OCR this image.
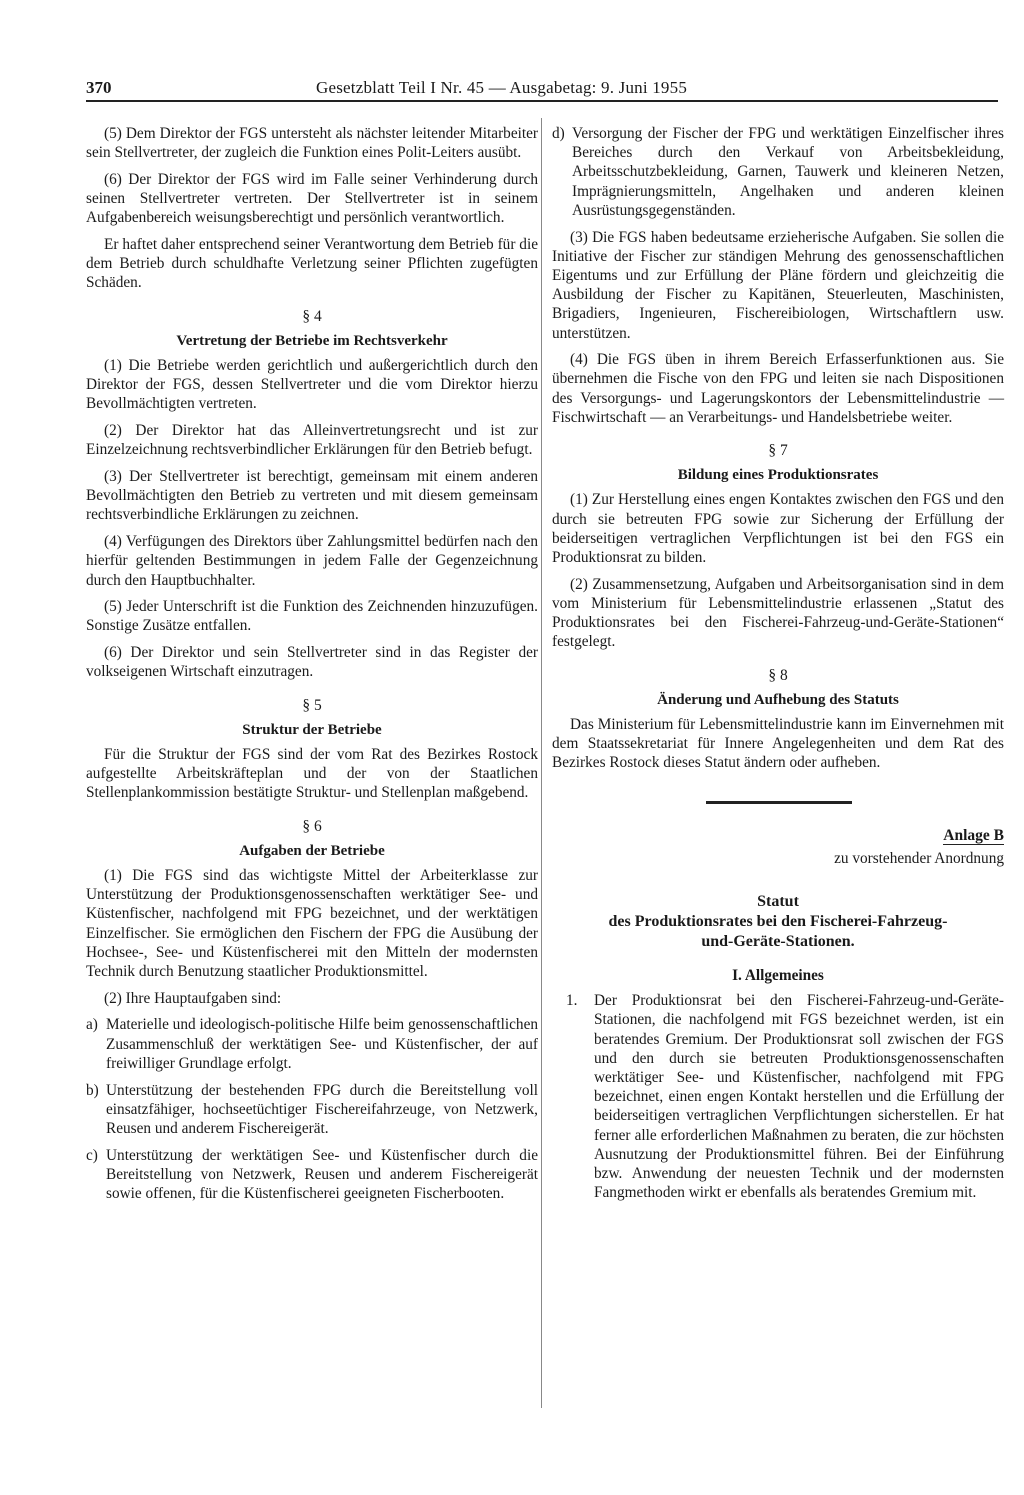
370	Gesetzblatt Teil I Nr. 45 — Ausgabetag: 9. Juni 1955

(5) Dem Direktor der FGS untersteht als nächster leitender Mitarbeiter sein Stellvertreter, der zugleich die Funktion eines Polit-Leiters ausübt.

(6) Der Direktor der FGS wird im Falle seiner Verhinderung durch seinen Stellvertreter vertreten. Der Stellvertreter ist in seinem Aufgabenbereich weisungsberechtigt und persönlich verantwortlich.

Er haftet daher entsprechend seiner Verantwortung dem Betrieb für die dem Betrieb durch schuldhafte Verletzung seiner Pflichten zugefügten Schäden.

§ 4
Vertretung der Betriebe im Rechtsverkehr

(1) Die Betriebe werden gerichtlich und außergerichtlich durch den Direktor der FGS, dessen Stellvertreter und die vom Direktor hierzu Bevollmächtigten vertreten.

(2) Der Direktor hat das Alleinvertretungsrecht und ist zur Einzelzeichnung rechtsverbindlicher Erklärungen für den Betrieb befugt.

(3) Der Stellvertreter ist berechtigt, gemeinsam mit einem anderen Bevollmächtigten den Betrieb zu vertreten und mit diesem gemeinsam rechtsverbindliche Erklärungen zu zeichnen.

(4) Verfügungen des Direktors über Zahlungsmittel bedürfen nach den hierfür geltenden Bestimmungen in jedem Falle der Gegenzeichnung durch den Hauptbuchhalter.

(5) Jeder Unterschrift ist die Funktion des Zeichnenden hinzuzufügen. Sonstige Zusätze entfallen.

(6) Der Direktor und sein Stellvertreter sind in das Register der volkseigenen Wirtschaft einzutragen.

§ 5
Struktur der Betriebe

Für die Struktur der FGS sind der vom Rat des Bezirkes Rostock aufgestellte Arbeitskräfteplan und der von der Staatlichen Stellenplankommission bestätigte Struktur- und Stellenplan maßgebend.

§ 6
Aufgaben der Betriebe

(1) Die FGS sind das wichtigste Mittel der Arbeiterklasse zur Unterstützung der Produktionsgenossenschaften werktätiger See- und Küstenfischer, nachfolgend mit FPG bezeichnet, und der werktätigen Einzelfischer. Sie ermöglichen den Fischern der FPG die Ausübung der Hochsee-, See- und Küstenfischerei mit den Mitteln der modernsten Technik durch Benutzung staatlicher Produktionsmittel.

(2) Ihre Hauptaufgaben sind:

a) Materielle und ideologisch-politische Hilfe beim genossenschaftlichen Zusammenschluß der werktätigen See- und Küstenfischer, der auf freiwilliger Grundlage erfolgt.
b) Unterstützung der bestehenden FPG durch die Bereitstellung voll einsatzfähiger, hochseetüchtiger Fischereifahrzeuge, von Netzwerk, Reusen und anderem Fischereigerät.
c) Unterstützung der werktätigen See- und Küstenfischer durch die Bereitstellung von Netzwerk, Reusen und anderem Fischereigerät sowie offenen, für die Küstenfischerei geeigneten Fischerbooten.
d) Versorgung der Fischer der FPG und werktätigen Einzelfischer ihres Bereiches durch den Verkauf von Arbeitsbekleidung, Arbeitsschutzbekleidung, Garnen, Tauwerk und kleineren Netzen, Imprägnierungsmitteln, Angelhaken und anderen kleinen Ausrüstungsgegenständen.

(3) Die FGS haben bedeutsame erzieherische Aufgaben. Sie sollen die Initiative der Fischer zur ständigen Mehrung des genossenschaftlichen Eigentums und zur Erfüllung der Pläne fördern und gleichzeitig die Ausbildung der Fischer zu Kapitänen, Steuerleuten, Maschinisten, Brigadiers, Ingenieuren, Fischereibiologen, Wirtschaftlern usw. unterstützen.

(4) Die FGS üben in ihrem Bereich Erfasserfunktionen aus. Sie übernehmen die Fische von den FPG und leiten sie nach Dispositionen des Versorgungs- und Lagerungskontors der Lebensmittelindustrie — Fischwirtschaft — an Verarbeitungs- und Handelsbetriebe weiter.

§ 7
Bildung eines Produktionsrates

(1) Zur Herstellung eines engen Kontaktes zwischen den FGS und den durch sie betreuten FPG sowie zur Sicherung der Erfüllung der beiderseitigen vertraglichen Verpflichtungen ist bei den FGS ein Produktionsrat zu bilden.

(2) Zusammensetzung, Aufgaben und Arbeitsorganisation sind in dem vom Ministerium für Lebensmittelindustrie erlassenen „Statut des Produktionsrates bei den Fischerei-Fahrzeug-und-Geräte-Stationen“ festgelegt.

§ 8
Änderung und Aufhebung des Statuts

Das Ministerium für Lebensmittelindustrie kann im Einvernehmen mit dem Staatssekretariat für Innere Angelegenheiten und dem Rat des Bezirkes Rostock dieses Statut ändern oder aufheben.

Anlage B
zu vorstehender Anordnung
Statut
des Produktionsrates bei den Fischerei-Fahrzeug-
und-Geräte-Stationen.
I. Allgemeines
1.	Der Produktionsrat bei den Fischerei-Fahrzeug-und-Geräte-Stationen, die nachfolgend mit FGS bezeichnet werden, ist ein beratendes Gremium. Der Produktionsrat soll zwischen der FGS und den durch sie betreuten Produktionsgenossenschaften werktätiger See- und Küstenfischer, nachfolgend mit FPG bezeichnet, einen engen Kontakt herstellen und die Erfüllung der beiderseitigen vertraglichen Verpflichtungen sicherstellen. Er hat ferner alle erforderlichen Maßnahmen zu beraten, die zur höchsten Ausnutzung der Produktionsmittel führen. Bei der Einführung bzw. Anwendung der neuesten Technik und der modernsten Fangmethoden wirkt er ebenfalls als beratendes Gremium mit.
